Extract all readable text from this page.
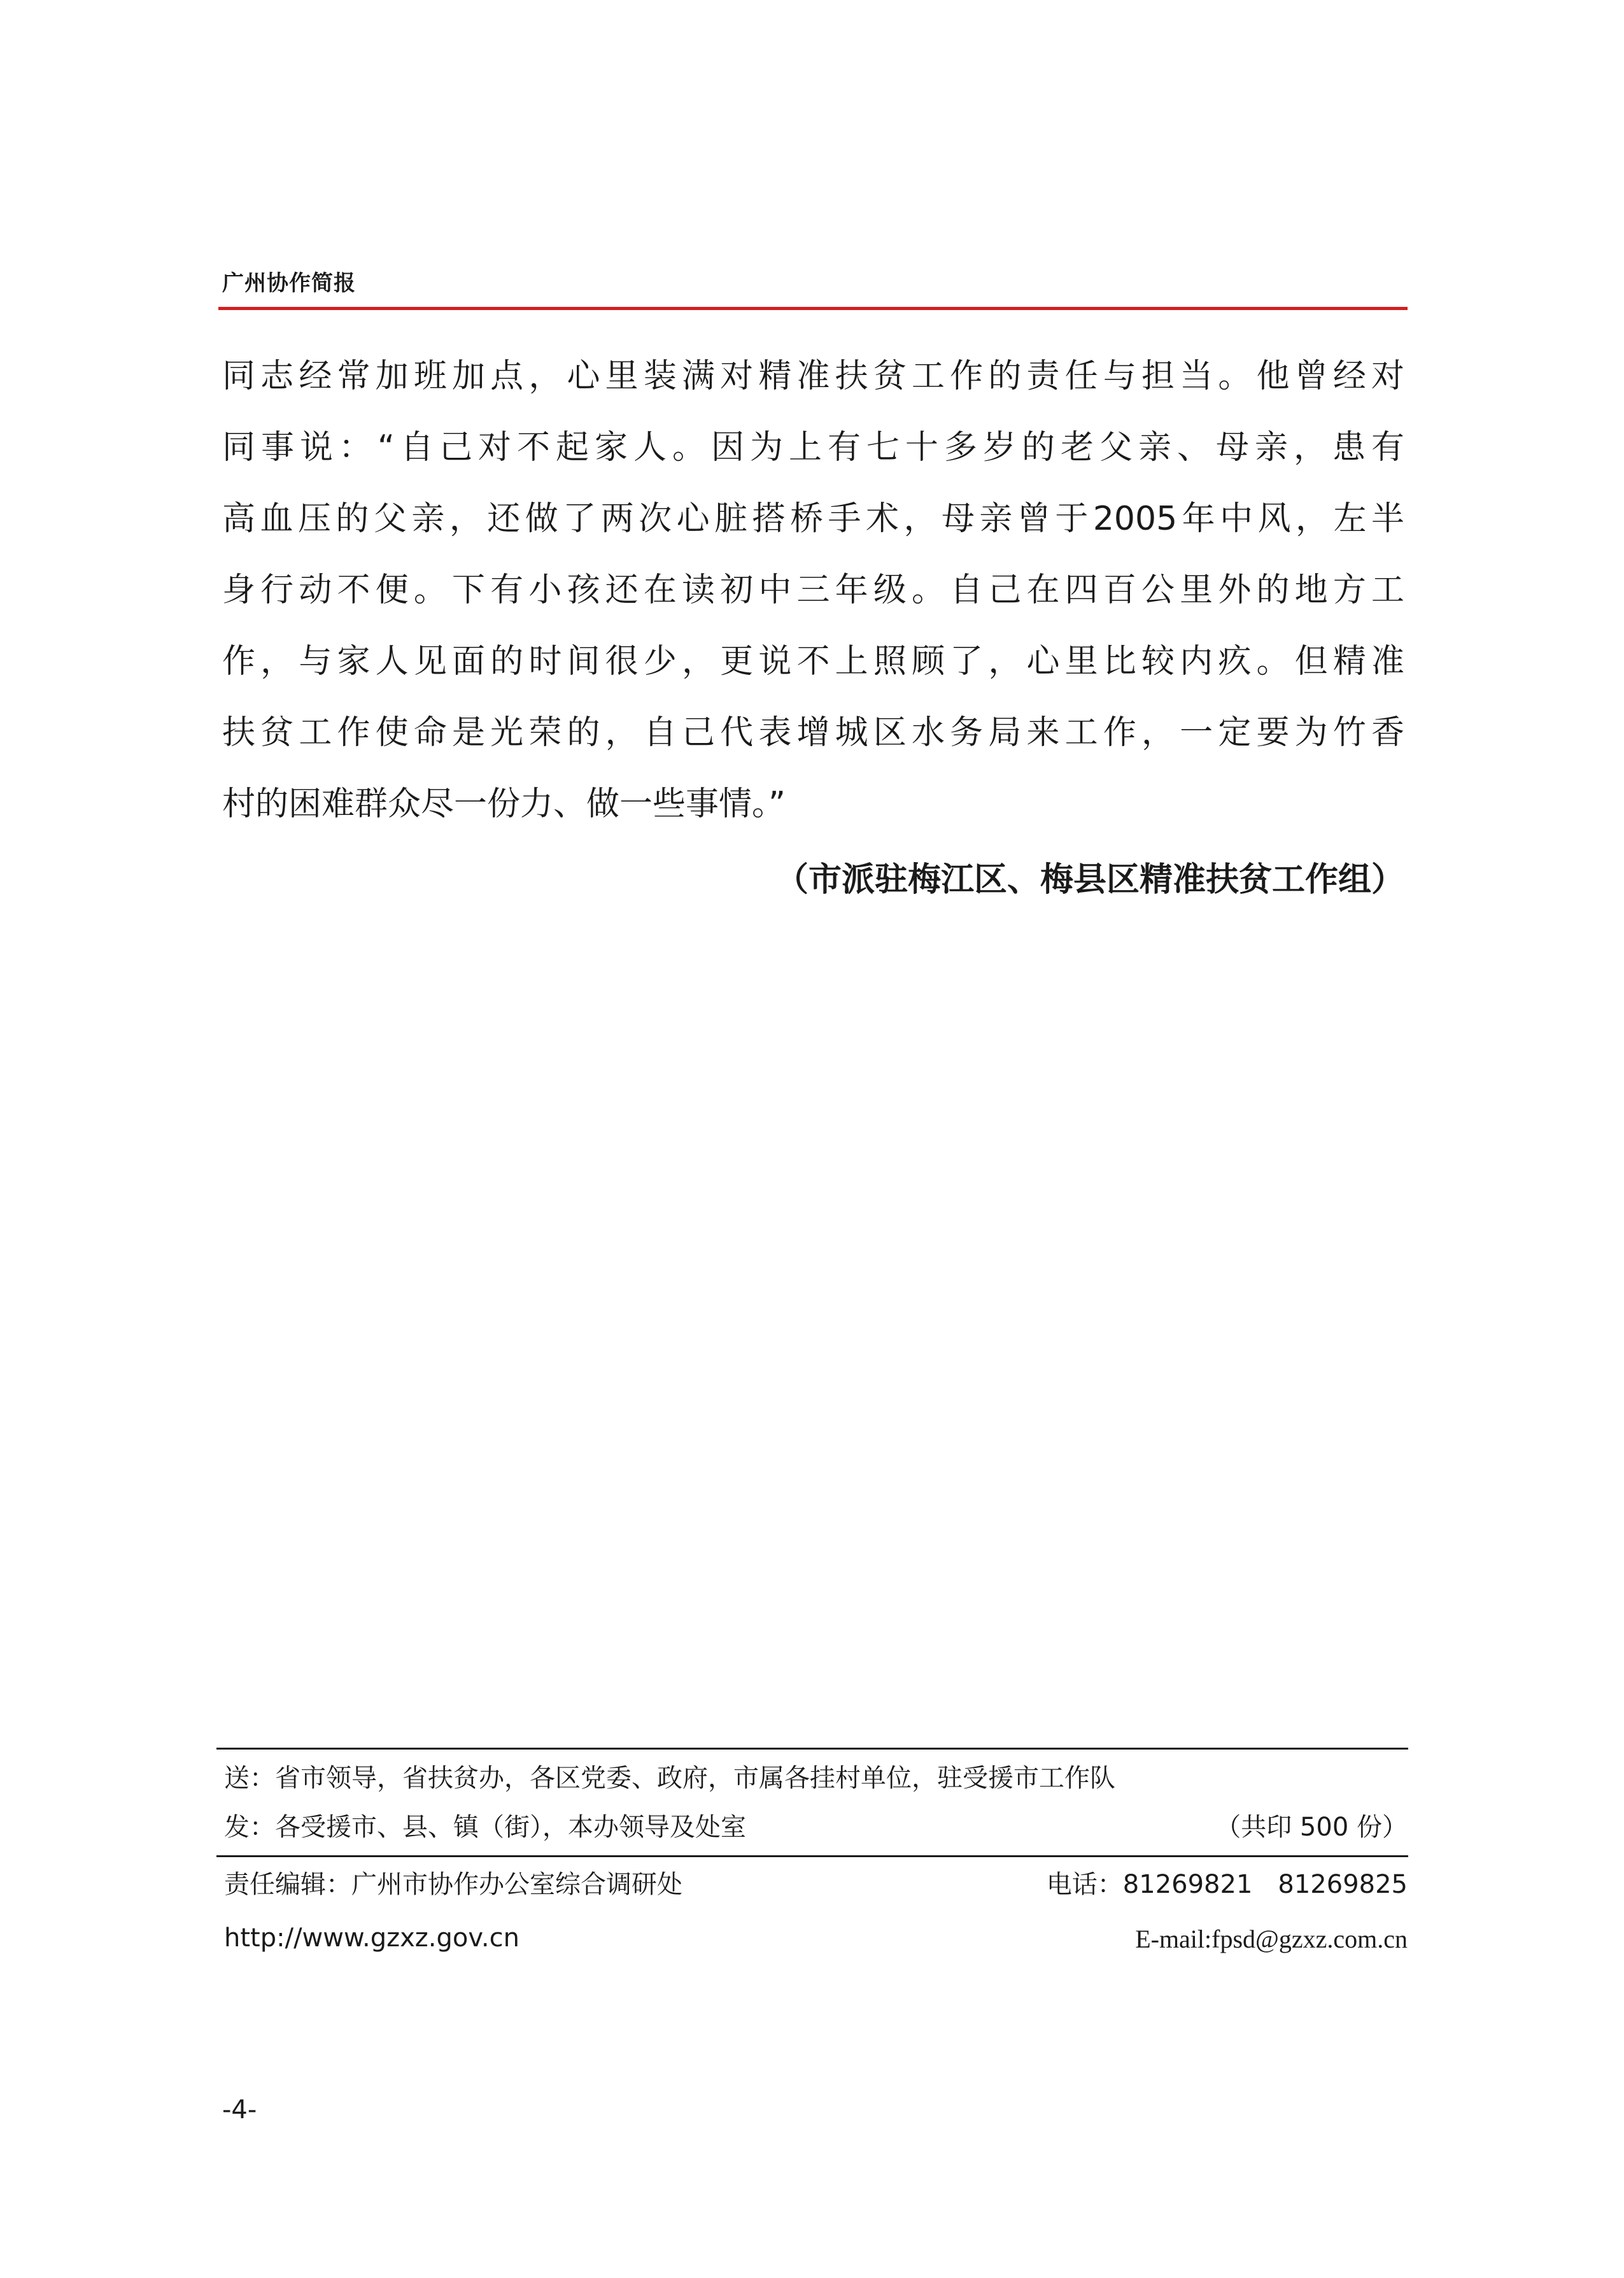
广州协作简报
同志经常加班加点，心里装满对精准扶贫工作的责任与担当。他曾经对
同事说：“自己对不起家人。因为上有七十多岁的老父亲、母亲，患有
高血压的父亲，还做了两次心脏搭桥手术，母亲曾于2005年中风，左半
身行动不便。下有小孩还在读初中三年级。自己在四百公里外的地方工
作，与家人见面的时间很少，更说不上照顾了，心里比较内疚。但精准
扶贫工作使命是光荣的，自己代表增城区水务局来工作，一定要为竹香
村的困难群众尽一份力、做一些事情。”
（市派驻梅江区、梅县区精准扶贫工作组）
送：省市领导，省扶贫办，各区党委、政府，市属各挂村单位，驻受援市工作队
发：各受援市、县、镇（街），本办领导及处室	（共印 500 份）
责任编辑：广州市协作办公室综合调研处	电话：81269821　81269825
http://www.gzxz.gov.cn	E-mail:fpsd@gzxz.com.cn
-4-
